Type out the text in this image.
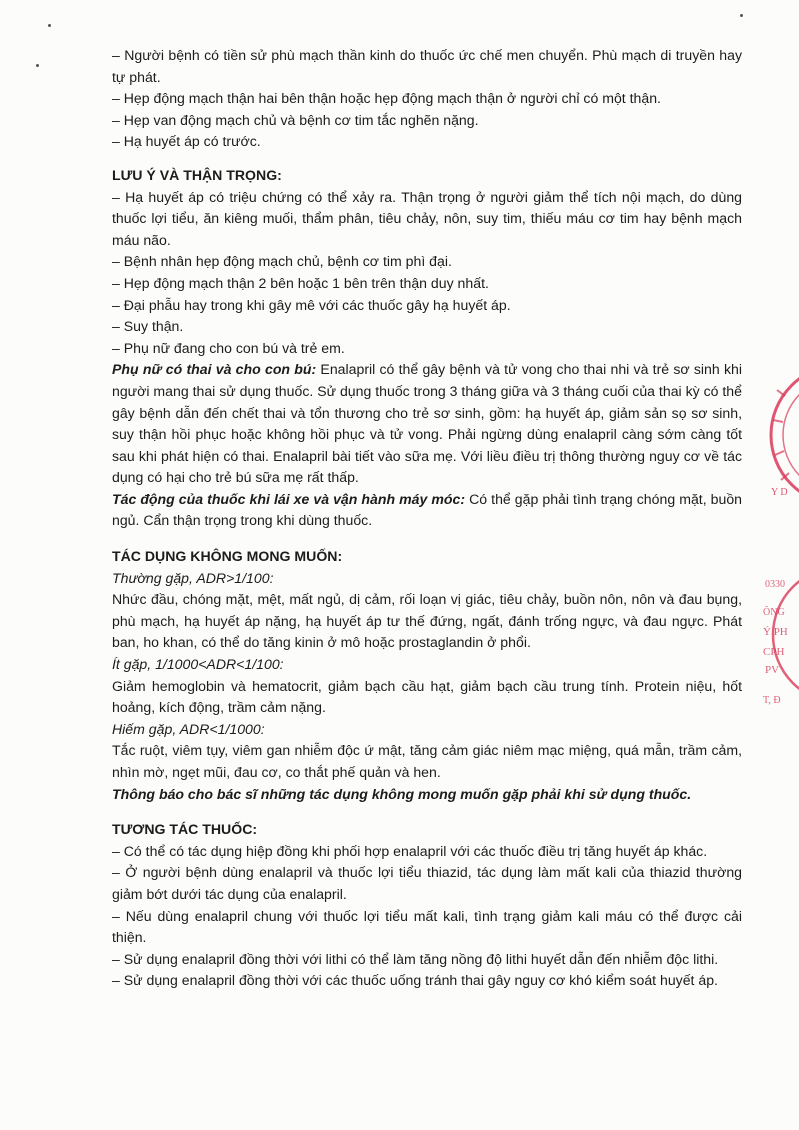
– Người bệnh có tiền sử phù mạch thần kinh do thuốc ức chế men chuyển. Phù mạch di truyền hay tự phát.

– Hẹp động mạch thận hai bên thận hoặc hẹp động mạch thận ở người chỉ có một thận.

– Hẹp van động mạch chủ và bệnh cơ tim tắc nghẽn nặng.

– Hạ huyết áp có trước.

LƯU Ý VÀ THẬN TRỌNG:

– Hạ huyết áp có triệu chứng có thể xảy ra. Thận trọng ở người giảm thể tích nội mạch, do dùng thuốc lợi tiểu, ăn kiêng muối, thẩm phân, tiêu chảy, nôn, suy tim, thiếu máu cơ tim hay bệnh mạch máu não.

– Bệnh nhân hẹp động mạch chủ, bệnh cơ tim phì đại.

– Hẹp động mạch thận 2 bên hoặc 1 bên trên thận duy nhất.

– Đại phẫu hay trong khi gây mê với các thuốc gây hạ huyết áp.

– Suy thận.

– Phụ nữ đang cho con bú và trẻ em.

Phụ nữ có thai và cho con bú: Enalapril có thể gây bệnh và tử vong cho thai nhi và trẻ sơ sinh khi người mang thai sử dụng thuốc. Sử dụng thuốc trong 3 tháng giữa và 3 tháng cuối của thai kỳ có thể gây bệnh dẫn đến chết thai và tổn thương cho trẻ sơ sinh, gồm: hạ huyết áp, giảm sản sọ sơ sinh, suy thận hồi phục hoặc không hồi phục và tử vong. Phải ngừng dùng enalapril càng sớm càng tốt sau khi phát hiện có thai. Enalapril bài tiết vào sữa mẹ. Với liều điều trị thông thường nguy cơ về tác dụng có hại cho trẻ bú sữa mẹ rất thấp.

Tác động của thuốc khi lái xe và vận hành máy móc: Có thể gặp phải tình trạng chóng mặt, buồn ngủ. Cẩn thận trọng trong khi dùng thuốc.

TÁC DỤNG KHÔNG MONG MUỐN:

Thường gặp, ADR>1/100:

Nhức đầu, chóng mặt, mệt, mất ngủ, dị cảm, rối loạn vị giác, tiêu chảy, buồn nôn, nôn và đau bụng, phù mạch, hạ huyết áp nặng, hạ huyết áp tư thế đứng, ngất, đánh trống ngực, và đau ngực. Phát ban, ho khan, có thể do tăng kinin ở mô hoặc prostaglandin ở phổi.

Ít gặp, 1/1000<ADR<1/100:

Giảm hemoglobin và hematocrit, giảm bạch cầu hạt, giảm bạch cầu trung tính. Protein niệu, hốt hoảng, kích động, trầm cảm nặng.

Hiếm gặp, ADR<1/1000:

Tắc ruột, viêm tụy, viêm gan nhiễm độc ứ mật, tăng cảm giác niêm mạc miệng, quá mẫn, trầm cảm, nhìn mờ, ngẹt mũi, đau cơ, co thắt phế quản và hen.

Thông báo cho bác sĩ những tác dụng không mong muốn gặp phải khi sử dụng thuốc.

TƯƠNG TÁC THUỐC:

– Có thể có tác dụng hiệp đồng khi phối hợp enalapril với các thuốc điều trị tăng huyết áp khác.

– Ở người bệnh dùng enalapril và thuốc lợi tiểu thiazid, tác dụng làm mất kali của thiazid thường giảm bớt dưới tác dụng của enalapril.

– Nếu dùng enalapril chung với thuốc lợi tiểu mất kali, tình trạng giảm kali máu có thể được cải thiện.

– Sử dụng enalapril đồng thời với lithi có thể làm tăng nồng độ lithi huyết dẫn đến nhiễm độc lithi.

– Sử dụng enalapril đồng thời với các thuốc uống tránh thai gây nguy cơ khó kiểm soát huyết áp.

Y D
0330
ÔNG
Ý PH
CPH
PV
T, Đ
